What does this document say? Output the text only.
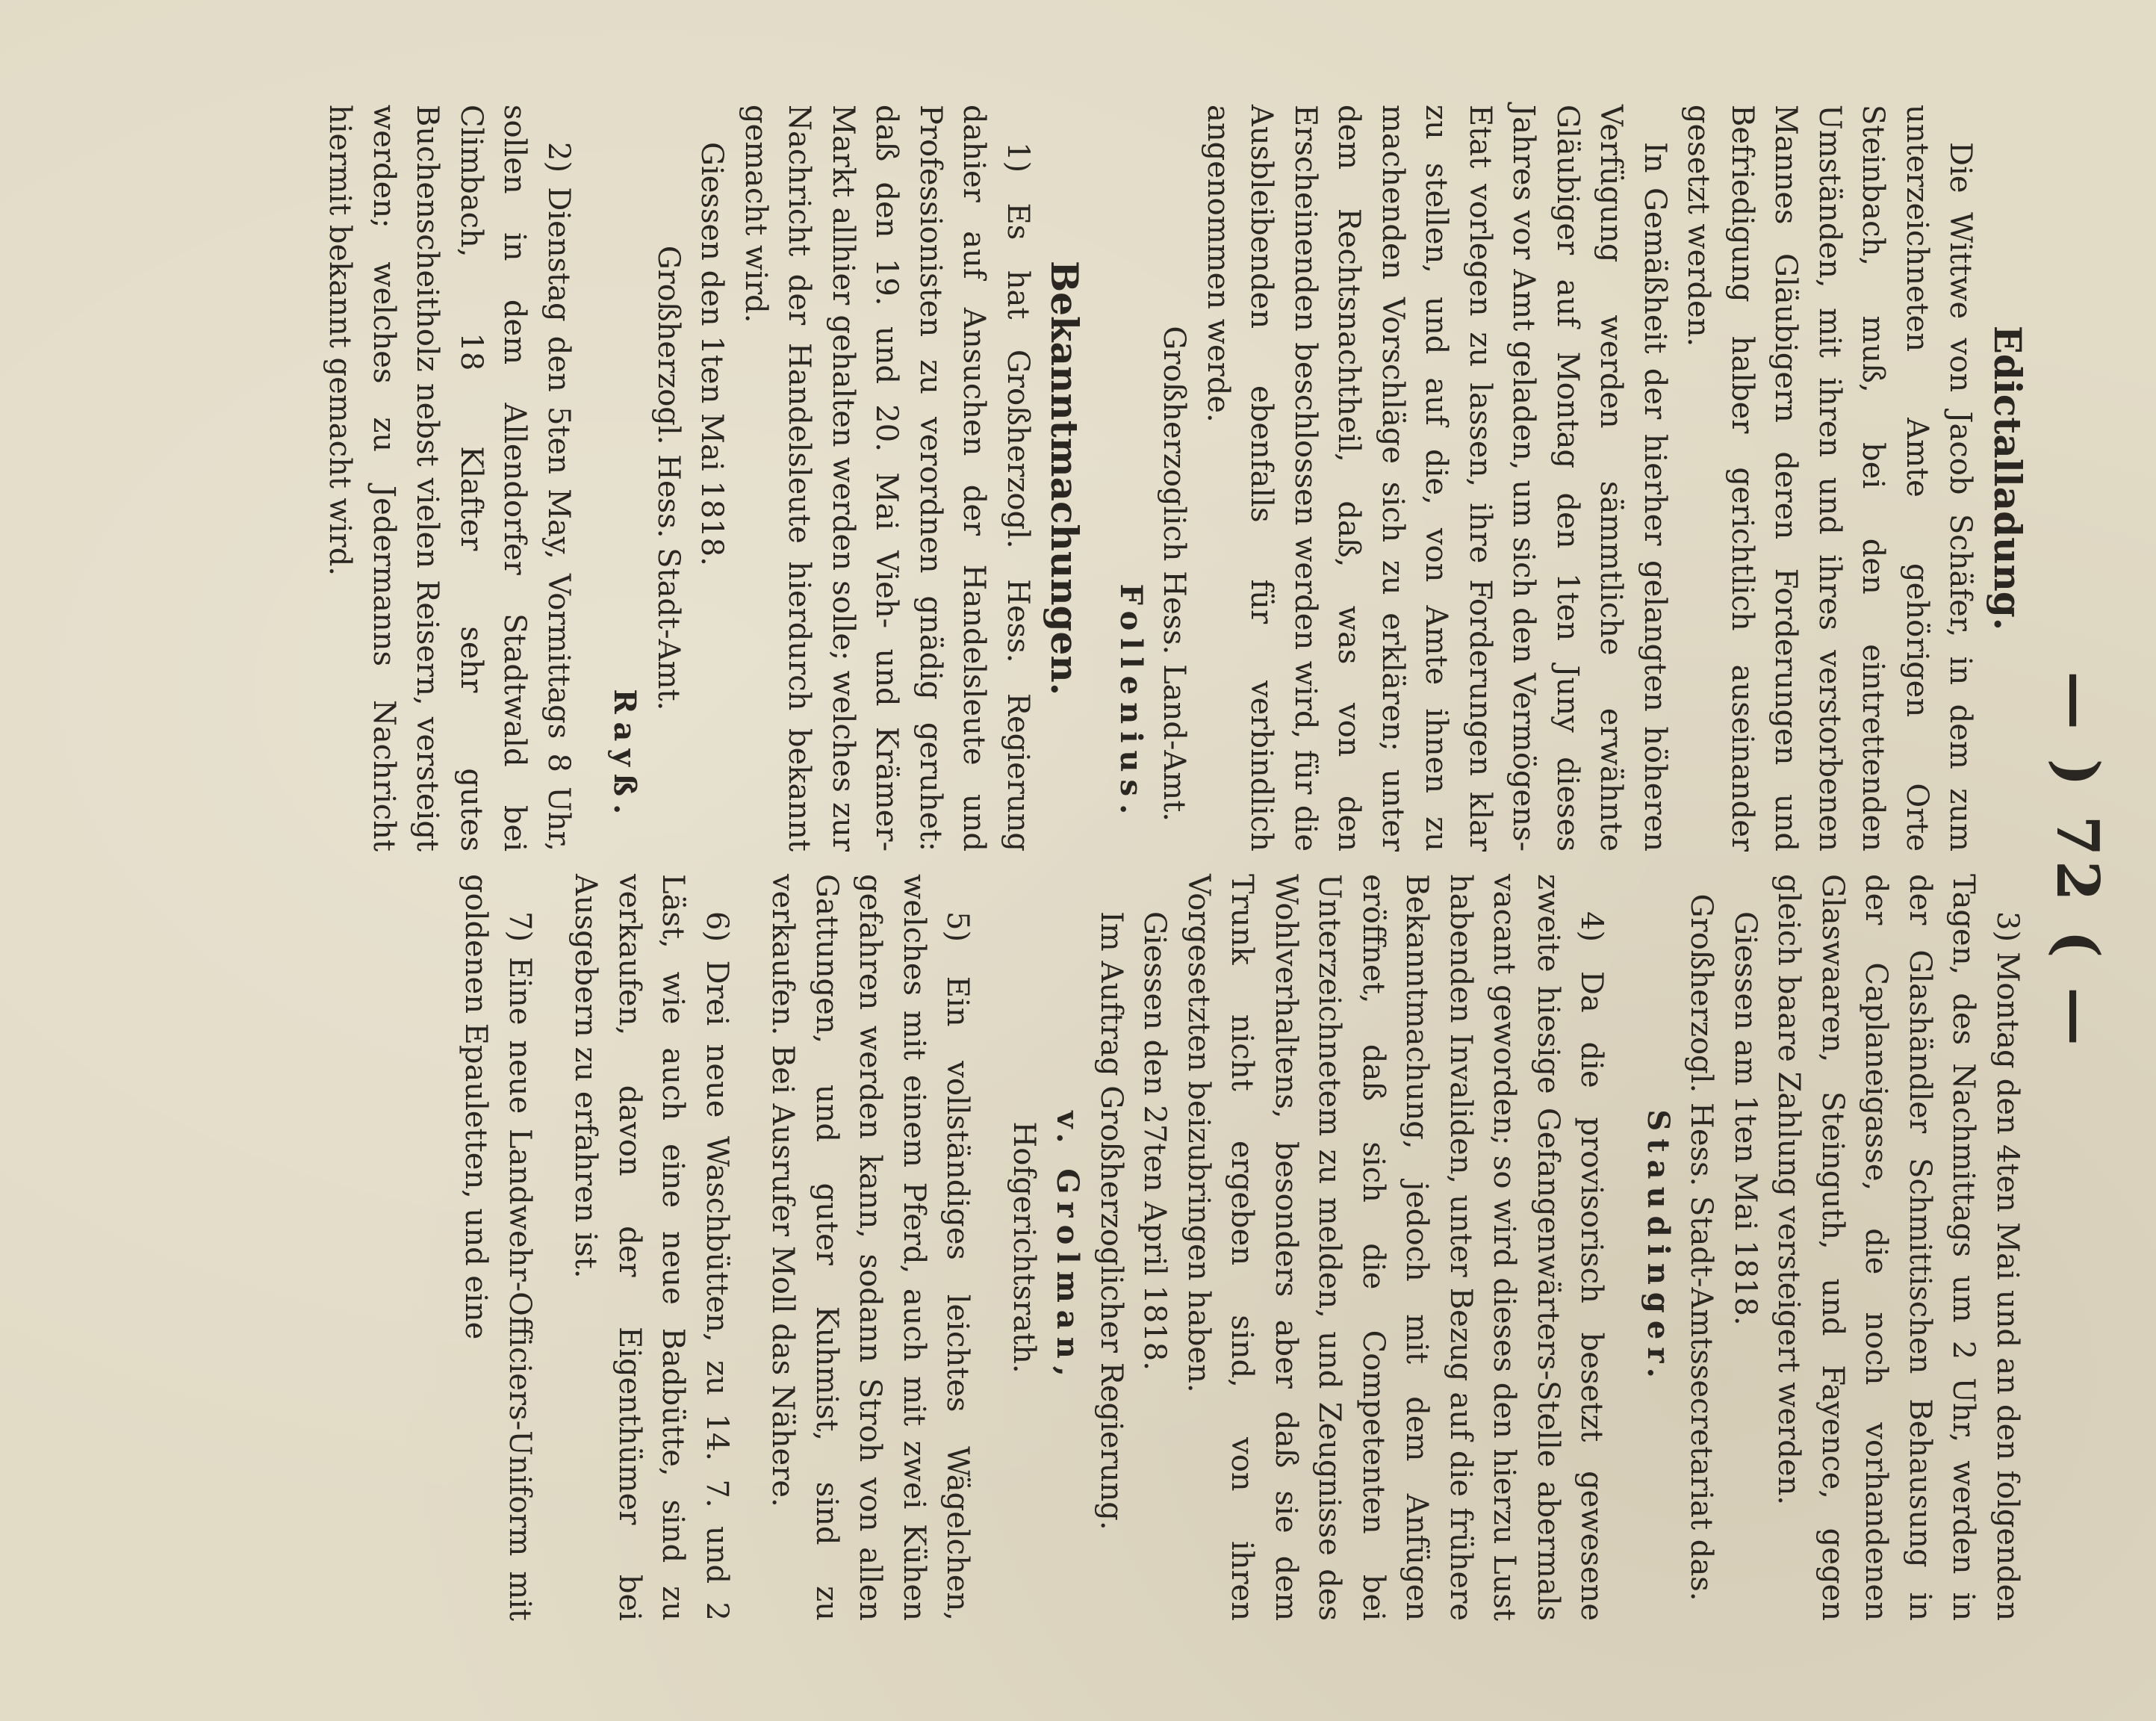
— ) 72 ( —

Edictalladung.

Die Wittwe von Jacob Schäfer, in dem zum unterzeichneten Amte gehörigen Orte Steinbach, muß, bei den eintrettenden Umständen, mit ihren und ihres verstorbenen Mannes Gläubigern deren Forderungen und Befriedigung halber gerichtlich auseinander gesetzt werden.

In Gemäßheit der hierher gelangten höheren Verfügung werden sämmtliche erwähnte Gläubiger auf Montag den 1ten Juny dieses Jahres vor Amt geladen, um sich den Vermögens-Etat vorlegen zu lassen, ihre Forderungen klar zu stellen, und auf die, von Amte ihnen zu machenden Vorschläge sich zu erklären; unter dem Rechtsnachtheil, daß, was von den Erscheinenden beschlossen werden wird, für die Ausbleibenden ebenfalls für verbindlich angenommen werde.

Großherzoglich Hess. Land-Amt.

Follenius.

Bekanntmachungen.

1) Es hat Großherzogl. Hess. Regierung dahier auf Ansuchen der Handelsleute und Professionisten zu verordnen gnädig geruhet: daß den 19. und 20. Mai Vieh- und Krämer-Markt allhier gehalten werden solle; welches zur Nachricht der Handelsleute hierdurch bekannt gemacht wird.

Giessen den 1ten Mai 1818.

Großherzogl. Hess. Stadt-Amt.

Rayß.

2) Dienstag den 5ten May, Vormittags 8 Uhr, sollen in dem Allendorfer Stadtwald bei Climbach, 18 Klafter sehr gutes Buchenscheitholz nebst vielen Reisern, versteigt werden; welches zu Jedermanns Nachricht hiermit bekannt gemacht wird.

3) Montag den 4ten Mai und an den folgenden Tagen, des Nachmittags um 2 Uhr, werden in der Glashändler Schmittischen Behausung in der Caplaneigasse, die noch vorhandenen Glaswaaren, Steinguth, und Fayence, gegen gleich baare Zahlung versteigert werden.

Giessen am 1ten Mai 1818.

Großherzogl. Hess. Stadt-Amtssecretariat das.

Staudinger.

4) Da die provisorisch besetzt gewesene zweite hiesige Gefangenwärters-Stelle abermals vacant geworden; so wird dieses den hierzu Lust habenden Invaliden, unter Bezug auf die frühere Bekanntmachung, jedoch mit dem Anfügen eröffnet, daß sich die Competenten bei Unterzeichnetem zu melden, und Zeugnisse des Wohlverhaltens, besonders aber daß sie dem Trunk nicht ergeben sind, von ihren Vorgesetzten beizubringen haben.

Giessen den 27ten April 1818.

Im Auftrag Großherzoglicher Regierung.

v. Grolman,

Hofgerichtsrath.

5) Ein vollständiges leichtes Wägelchen, welches mit einem Pferd, auch mit zwei Kühen gefahren werden kann, sodann Stroh von allen Gattungen, und guter Kuhmist, sind zu verkaufen. Bei Ausrufer Moll das Nähere.

6) Drei neue Waschbütten, zu 14. 7. und 2 Läst, wie auch eine neue Badbütte, sind zu verkaufen, davon der Eigenthümer bei Ausgebern zu erfahren ist.

7) Eine neue Landwehr-Officiers-Uniform mit goldenen Epauletten, und eine
